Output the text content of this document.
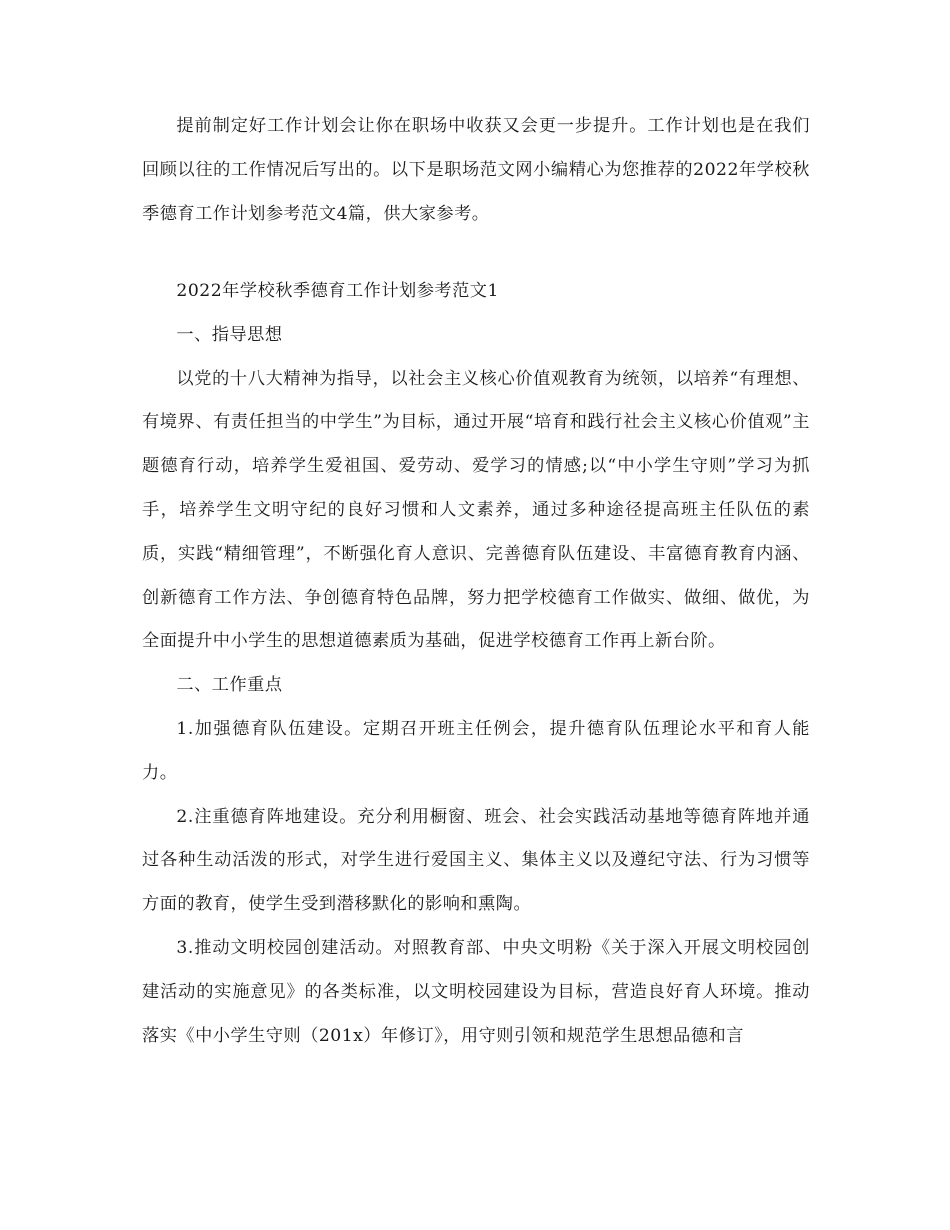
提前制定好工作计划会让你在职场中收获又会更一步提升。工作计划也是在我们回顾以往的工作情况后写出的。以下是职场范文网小编精心为您推荐的2022年学校秋季德育工作计划参考范文4篇，供大家参考。

2022年学校秋季德育工作计划参考范文1

一、指导思想

以党的十八大精神为指导，以社会主义核心价值观教育为统领，以培养“有理想、有境界、有责任担当的中学生”为目标，通过开展“培育和践行社会主义核心价值观”主题德育行动，培养学生爱祖国、爱劳动、爱学习的情感;以“中小学生守则”学习为抓手，培养学生文明守纪的良好习惯和人文素养，通过多种途径提高班主任队伍的素质，实践“精细管理”，不断强化育人意识、完善德育队伍建设、丰富德育教育内涵、创新德育工作方法、争创德育特色品牌，努力把学校德育工作做实、做细、做优，为全面提升中小学生的思想道德素质为基础，促进学校德育工作再上新台阶。

二、工作重点

1.加强德育队伍建设。定期召开班主任例会，提升德育队伍理论水平和育人能力。

2.注重德育阵地建设。充分利用橱窗、班会、社会实践活动基地等德育阵地并通过各种生动活泼的形式，对学生进行爱国主义、集体主义以及遵纪守法、行为习惯等方面的教育，使学生受到潜移默化的影响和熏陶。

3.推动文明校园创建活动。对照教育部、中央文明粉《关于深入开展文明校园创建活动的实施意见》的各类标准，以文明校园建设为目标，营造良好育人环境。推动落实《中小学生守则（201x）年修订》，用守则引领和规范学生思想品德和言
